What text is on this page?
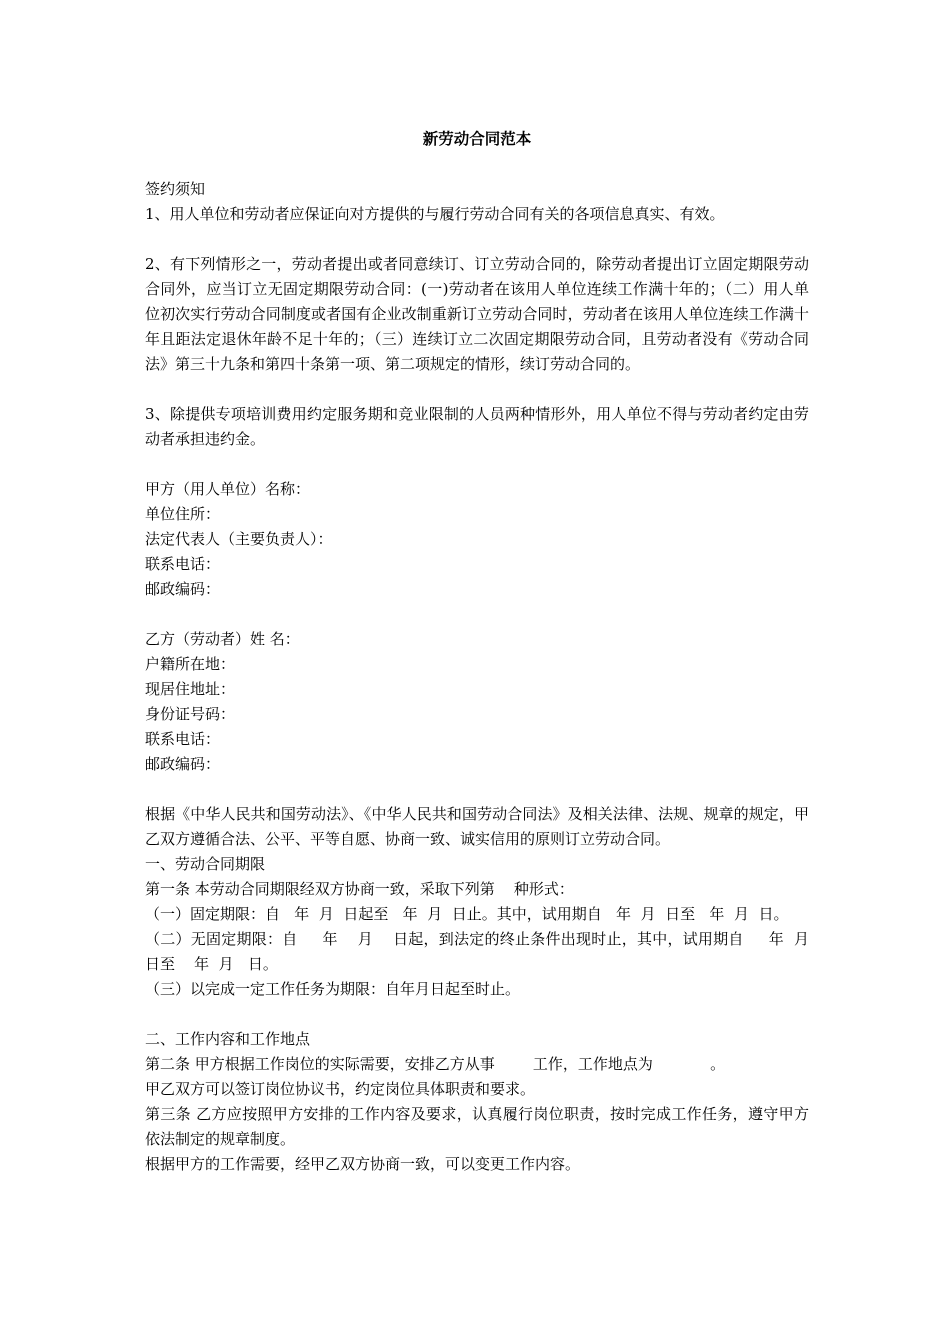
新劳动合同范本
签约须知
1、用人单位和劳动者应保证向对方提供的与履行劳动合同有关的各项信息真实、有效。
2、有下列情形之一，劳动者提出或者同意续订、订立劳动合同的，除劳动者提出订立固定期限劳动合同外，应当订立无固定期限劳动合同：(一)劳动者在该用人单位连续工作满十年的；（二）用人单位初次实行劳动合同制度或者国有企业改制重新订立劳动合同时，劳动者在该用人单位连续工作满十年且距法定退休年龄不足十年的；（三）连续订立二次固定期限劳动合同，且劳动者没有《劳动合同法》第三十九条和第四十条第一项、第二项规定的情形，续订劳动合同的。
3、除提供专项培训费用约定服务期和竞业限制的人员两种情形外，用人单位不得与劳动者约定由劳动者承担违约金。
甲方（用人单位）名称：
单位住所：
法定代表人（主要负责人）：
联系电话：
邮政编码：
乙方（劳动者）姓 名：
户籍所在地：
现居住地址：
身份证号码：
联系电话：
邮政编码：
根据《中华人民共和国劳动法》、《中华人民共和国劳动合同法》及相关法律、法规、规章的规定，甲乙双方遵循合法、公平、平等自愿、协商一致、诚实信用的原则订立劳动合同。
一、劳动合同期限
第一条 本劳动合同期限经双方协商一致，采取下列第    种形式：
（一）固定期限：自   年  月  日起至   年  月  日止。其中，试用期自   年  月  日至   年  月  日。
（二）无固定期限：自     年    月    日起，到法定的终止条件出现时止，其中，试用期自     年  月   日至    年  月   日。
（三）以完成一定工作任务为期限：自年月日起至时止。
二、工作内容和工作地点
第二条 甲方根据工作岗位的实际需要，安排乙方从事        工作，工作地点为            。
甲乙双方可以签订岗位协议书，约定岗位具体职责和要求。
第三条 乙方应按照甲方安排的工作内容及要求，认真履行岗位职责，按时完成工作任务，遵守甲方依法制定的规章制度。
根据甲方的工作需要，经甲乙双方协商一致，可以变更工作内容。
